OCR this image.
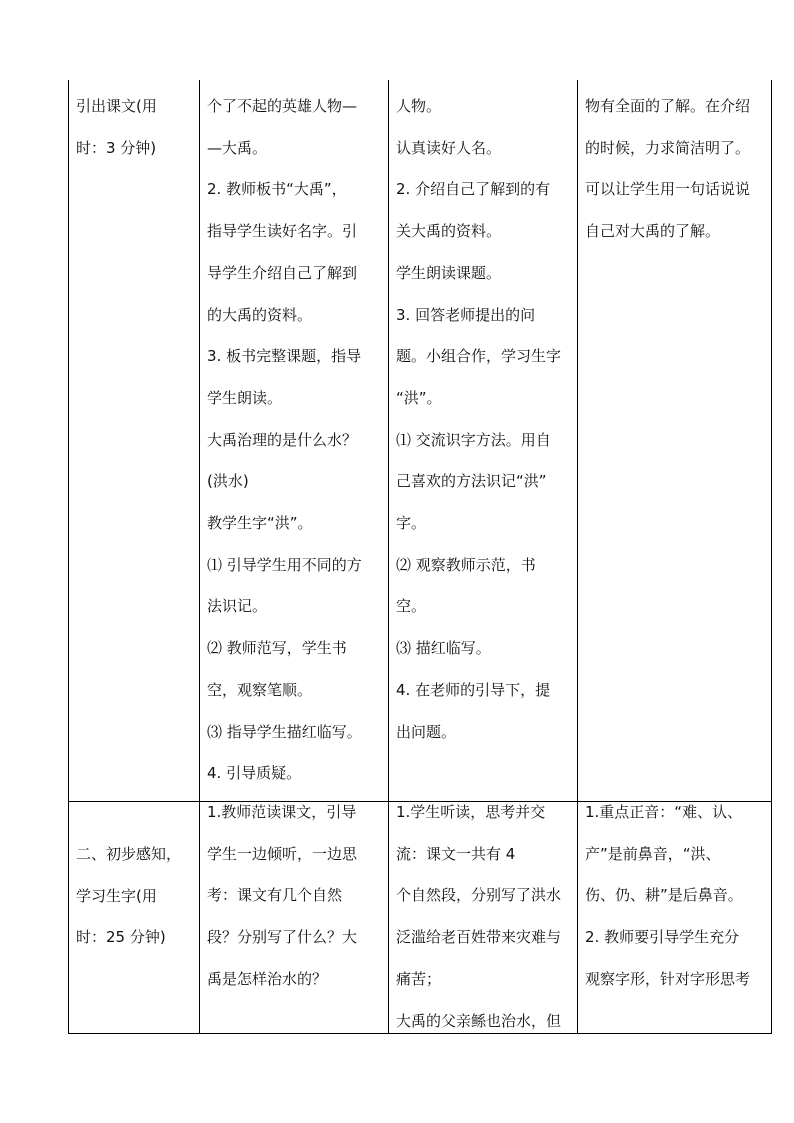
引出课文(用

时：3 分钟)

个了不起的英雄人物—

—大禹。

2. 教师板书“大禹”，

指导学生读好名字。引

导学生介绍自己了解到

的大禹的资料。

3. 板书完整课题，指导

学生朗读。

大禹治理的是什么水？

(洪水)

教学生字“洪”。

⑴ 引导学生用不同的方

法识记。

⑵ 教师范写，学生书

空，观察笔顺。

⑶ 指导学生描红临写。

4. 引导质疑。

人物。

认真读好人名。

2. 介绍自己了解到的有

关大禹的资料。

学生朗读课题。

3. 回答老师提出的问

题。小组合作，学习生字

“洪”。

⑴ 交流识字方法。用自

己喜欢的方法识记“洪”

字。

⑵ 观察教师示范，书

空。

⑶ 描红临写。

4. 在老师的引导下，提

出问题。

物有全面的了解。在介绍

的时候，力求简洁明了。

可以让学生用一句话说说

自己对大禹的了解。

二、初步感知，

学习生字(用

时：25 分钟)

1.教师范读课文，引导

学生一边倾听，一边思

考：课文有几个自然

段？分别写了什么？大

禹是怎样治水的？

1.学生听读，思考并交

流：课文一共有 4

个自然段，分别写了洪水

泛滥给老百姓带来灾难与

痛苦；

大禹的父亲鲧也治水，但

1.重点正音：“难、认、

产”是前鼻音，“洪、

伤、仍、耕”是后鼻音。

2. 教师要引导学生充分

观察字形，针对字形思考
